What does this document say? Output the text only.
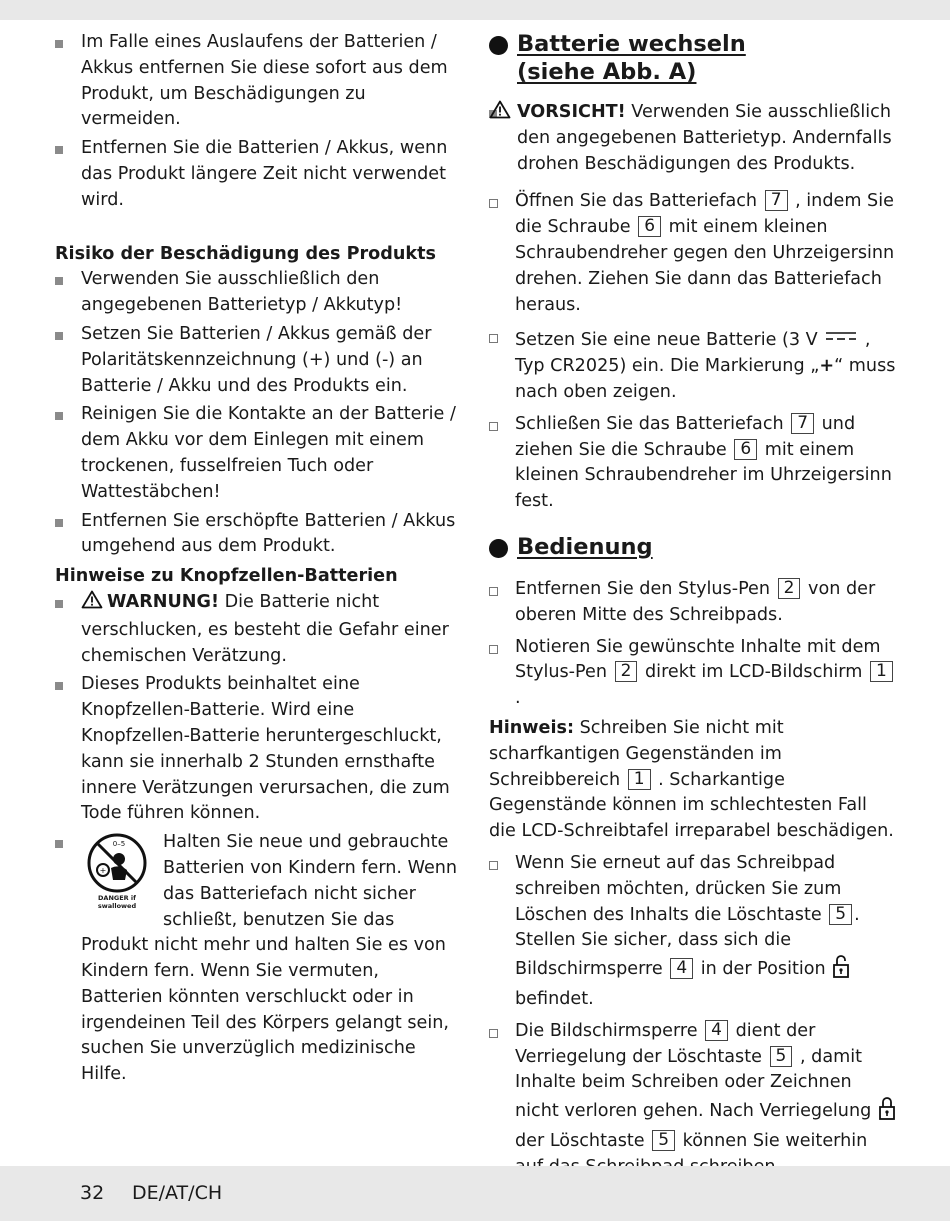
Im Falle eines Auslaufens der Batterien / Akkus entfernen Sie diese sofort aus dem Produkt, um Beschädigungen zu vermeiden.

Entfernen Sie die Batterien / Akkus, wenn das Produkt längere Zeit nicht verwendet wird.

Risiko der Beschädigung des Produkts

Verwenden Sie ausschließlich den angegebenen Batterietyp / Akkutyp!

Setzen Sie Batterien / Akkus gemäß der Polaritätskennzeichnung (+) und (-) an Batterie / Akku und des Produkts ein.

Reinigen Sie die Kontakte an der Batterie / dem Akku vor dem Einlegen mit einem trockenen, fusselfreien Tuch oder Wattestäbchen!

Entfernen Sie erschöpfte Batterien / Akkus umgehend aus dem Produkt.

Hinweise zu Knopfzellen-Batterien

WARNUNG! Die Batterie nicht verschlucken, es besteht die Gefahr einer chemischen Verätzung.

Dieses Produkts beinhaltet eine Knopfzellen-Batterie. Wird eine Knopfzellen-Batterie heruntergeschluckt, kann sie innerhalb 2 Stunden ernsthafte innere Verätzungen verursachen, die zum Tode führen können.

+
0–5
DANGER if swallowed
Halten Sie neue und gebrauchte Batterien von Kindern fern. Wenn das Batteriefach nicht sicher schließt, benutzen Sie das Produkt nicht mehr und halten Sie es von Kindern fern. Wenn Sie vermuten, Batterien könnten verschluckt oder in irgendeinen Teil des Körpers gelangt sein, suchen Sie unverzüglich medizinische Hilfe.

Batterie wechseln
(siehe Abb. A)

VORSICHT! Verwenden Sie ausschließlich den angegebenen Batterietyp. Andernfalls drohen Beschädigungen des Produkts.

Öffnen Sie das Batteriefach 7 , indem Sie die Schraube 6 mit einem kleinen Schraubendreher gegen den Uhrzeigersinn drehen. Ziehen Sie dann das Batteriefach heraus.

Setzen Sie eine neue Batterie (3 V  , Typ CR2025) ein. Die Markierung „+“ muss nach oben zeigen.

Schließen Sie das Batteriefach 7 und ziehen Sie die Schraube 6 mit einem kleinen Schraubendreher im Uhrzeigersinn fest.

Bedienung

Entfernen Sie den Stylus-Pen 2 von der oberen Mitte des Schreibpads.

Notieren Sie gewünschte Inhalte mit dem Stylus-Pen 2 direkt im LCD-Bildschirm 1 .

Hinweis: Schreiben Sie nicht mit scharfkantigen Gegenständen im Schreibbereich 1 . Scharkantige Gegenstände können im schlechtesten Fall die LCD-Schreibtafel irreparabel beschädigen.

Wenn Sie erneut auf das Schreibpad schreiben möchten, drücken Sie zum Löschen des Inhalts die Löschtaste 5 . Stellen Sie sicher, dass sich die Bildschirmsperre 4 in der Position  befindet.

Die Bildschirmsperre 4 dient der Verriegelung der Löschtaste 5 , damit Inhalte beim Schreiben oder Zeichnen nicht verloren gehen. Nach Verriegelung  der Löschtaste 5 können Sie weiterhin

32 DE/AT/CH
